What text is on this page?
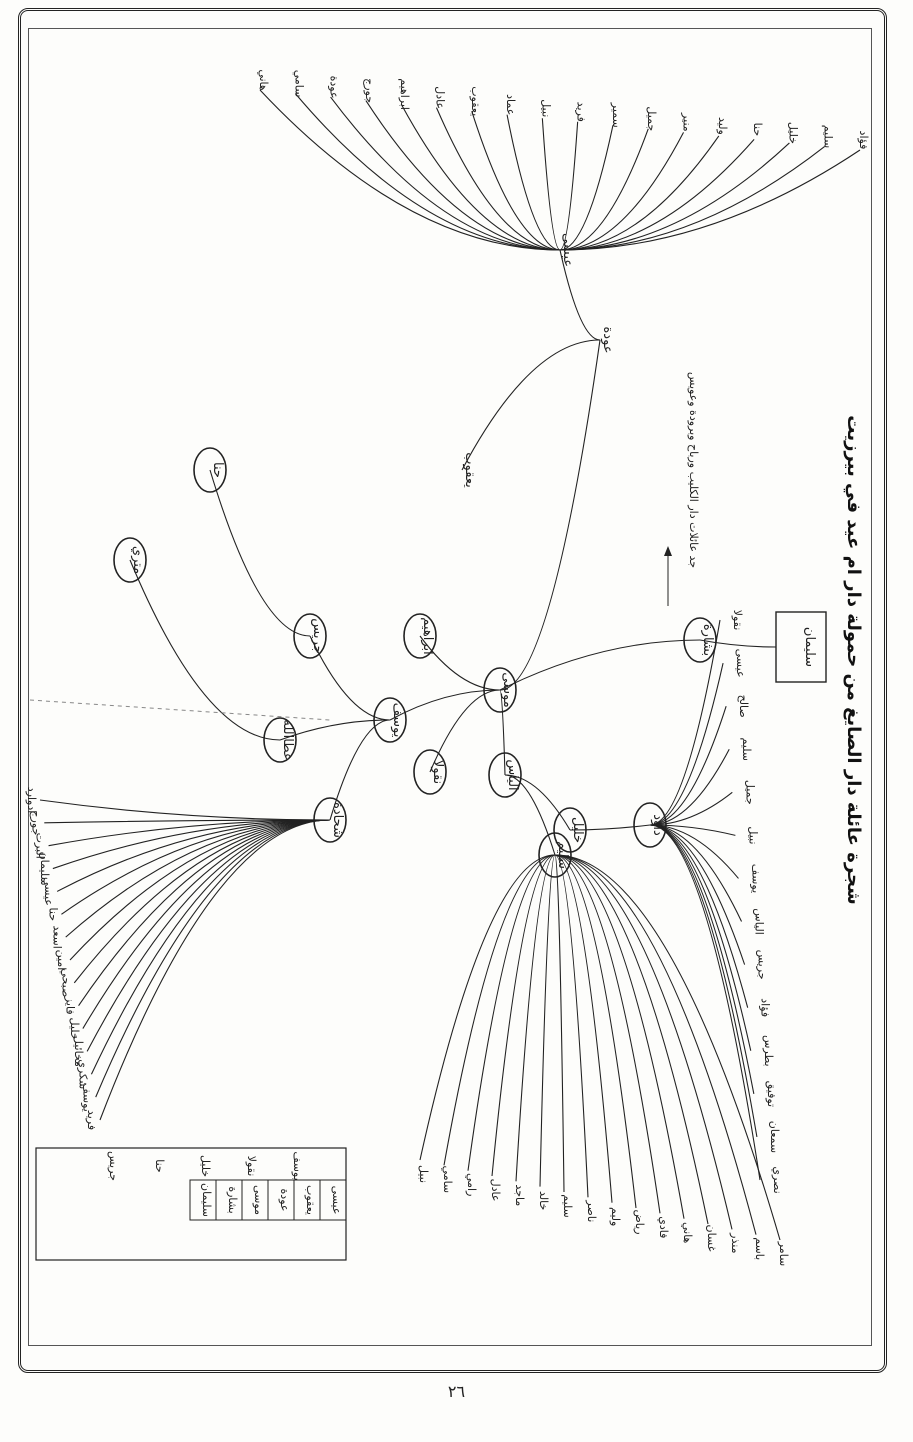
بشارة
موسى
عودة
يعقوب
عيسى
ابراهيم
يوسف
جريس
حنا
الياس
نقولا
سليم
خليل	داود
عطاالله
شحادة
متري
هاني سامي عودة جورج ابراهيم عادل يعقوب عماد نبيل فريد سمير جميل منير وليد حنا خليل سليم فؤاد
نقولا
عيسى
صالح
سليم
جميل
نبيل
يوسف
الياس
جريس
فؤاد
بطرس
توفيق
سمعان
نصري
ادوارد
جورج
البرت
سليمان
عيسى
حنا
اسعد
امين
صبحي
فايز
خليل
مخائيل
شكري
يوسف
فريد
نبيل سامي رامي عادل ماجد خالد سليم ناصر وليم رياض فادي هاني غسان منذر باسم سامر
سليمان
جد عائلات دار الكليب ورباح وبرودة وعويس	شجرة عائلة دار الصايغ من حمولة دار ام عيد في بيرزيت
سليمان بشارة موسى عودة يعقوب عيسى
جريس	حنا	خليل	نقولا	يوسف
٢٦
